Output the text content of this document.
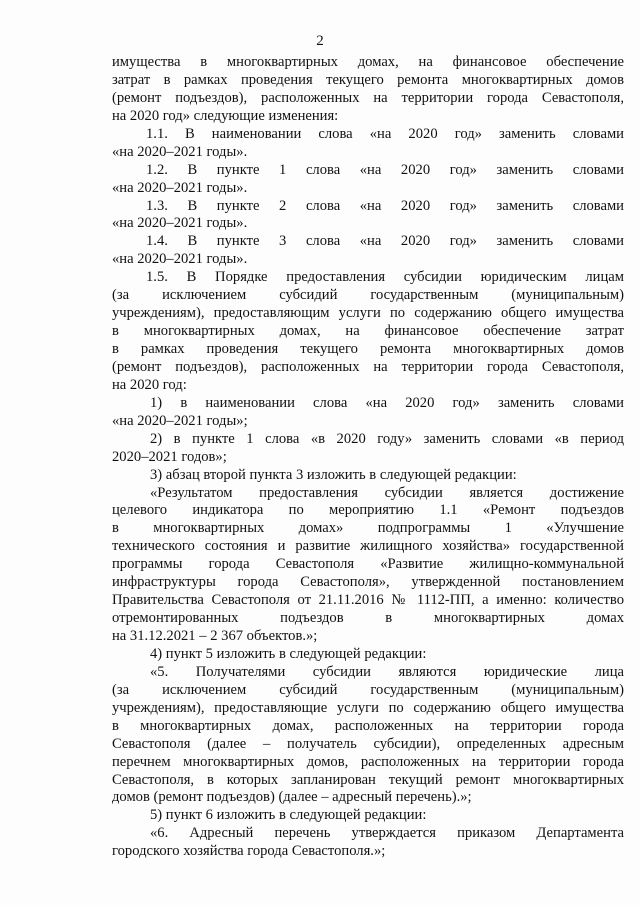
2
имущества в многоквартирных домах, на финансовое обеспечение
затрат в рамках проведения текущего ремонта многоквартирных домов
(ремонт подъездов), расположенных на территории города Севастополя,
на 2020 год» следующие изменения:
1.1. В наименовании слова «на 2020 год» заменить словами
«на 2020–2021 годы».
1.2. В пункте 1 слова «на 2020 год» заменить словами
«на 2020–2021 годы».
1.3. В пункте 2 слова «на 2020 год» заменить словами
«на 2020–2021 годы».
1.4. В пункте 3 слова «на 2020 год» заменить словами
«на 2020–2021 годы».
1.5. В Порядке предоставления субсидии юридическим лицам
(за исключением субсидий государственным (муниципальным)
учреждениям), предоставляющим услуги по содержанию общего имущества
в многоквартирных домах, на финансовое обеспечение затрат
в рамках проведения текущего ремонта многоквартирных домов
(ремонт подъездов), расположенных на территории города Севастополя,
на 2020 год:
1) в наименовании слова «на 2020 год» заменить словами
«на 2020–2021 годы»;
2) в пункте 1 слова «в 2020 году» заменить словами «в период
2020–2021 годов»;
3) абзац второй пункта 3 изложить в следующей редакции:
«Результатом предоставления субсидии является достижение
целевого индикатора по мероприятию 1.1 «Ремонт подъездов
в многоквартирных домах» подпрограммы 1 «Улучшение
технического состояния и развитие жилищного хозяйства» государственной
программы города Севастополя «Развитие жилищно-коммунальной
инфраструктуры города Севастополя», утвержденной постановлением
Правительства Севастополя от 21.11.2016 № 1112-ПП, а именно: количество
отремонтированных подъездов в многоквартирных домах
на 31.12.2021 – 2 367 объектов.»;
4) пункт 5 изложить в следующей редакции:
«5. Получателями субсидии являются юридические лица
(за исключением субсидий государственным (муниципальным)
учреждениям), предоставляющие услуги по содержанию общего имущества
в многоквартирных домах, расположенных на территории города
Севастополя (далее – получатель субсидии), определенных адресным
перечнем многоквартирных домов, расположенных на территории города
Севастополя, в которых запланирован текущий ремонт многоквартирных
домов (ремонт подъездов) (далее – адресный перечень).»;
5) пункт 6 изложить в следующей редакции:
«6. Адресный перечень утверждается приказом Департамента
городского хозяйства города Севастополя.»;
